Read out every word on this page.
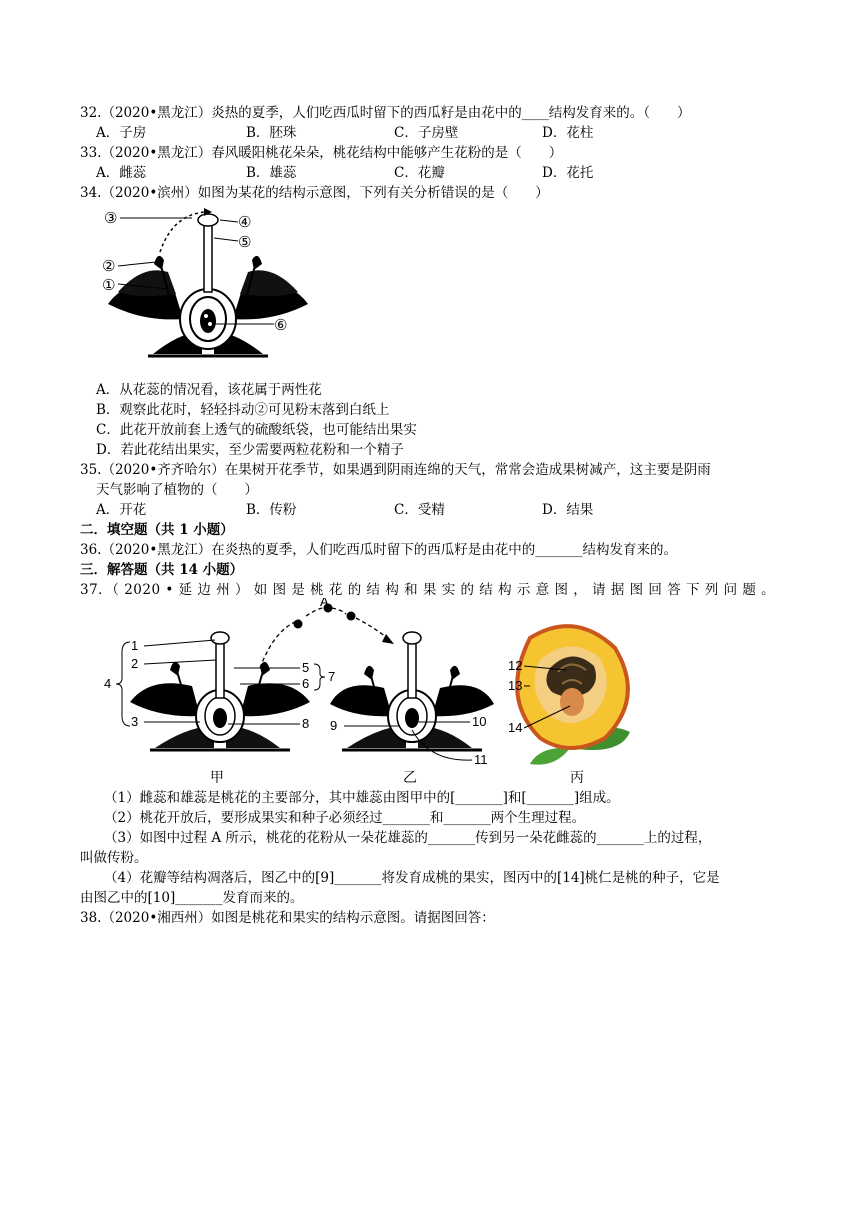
32.（2020•黑龙江）炎热的夏季，人们吃西瓜时留下的西瓜籽是由花中的____结构发育来的。（　　）
A．子房	B．胚珠	C．子房壁	D．花柱
33.（2020•黑龙江）春风暖阳桃花朵朵，桃花结构中能够产生花粉的是（　　）
A．雌蕊	B．雄蕊	C．花瓣	D．花托
34.（2020•滨州）如图为某花的结构示意图，下列有关分析错误的是（　　）
③	④
⑤
②
①
⑥
A．从花蕊的情况看，该花属于两性花
B．观察此花时，轻轻抖动②可见粉末落到白纸上
C．此花开放前套上透气的硫酸纸袋，也可能结出果实
D．若此花结出果实，至少需要两粒花粉和一个精子
35.（2020•齐齐哈尔）在果树开花季节，如果遇到阴雨连绵的天气，常常会造成果树减产，这主要是阴雨
天气影响了植物的（　　）
A．开花	B．传粉	C．受精	D．结果
二．填空题（共 1 小题）
36.（2020•黑龙江）在炎热的夏季，人们吃西瓜时留下的西瓜籽是由花中的_______结构发育来的。
三．解答题（共 14 小题）
37．（ 2020 • 延 边 州 ） 如 图 是 桃 花 的 结 构 和 果 实 的 结 构 示 意 图 ， 请 据 图 回 答 下 列 问 题 。
1
2
3
4
5
6 7
8 9	10
11
12
13
14
A
甲	乙	丙
（1）雌蕊和雄蕊是桃花的主要部分，其中雄蕊由图甲中的[_______]和[_______]组成。
（2）桃花开放后，要形成果实和种子必须经过_______和_______两个生理过程。
（3）如图中过程 A 所示，桃花的花粉从一朵花雄蕊的_______传到另一朵花雌蕊的_______上的过程，
叫做传粉。
（4）花瓣等结构凋落后，图乙中的[9]_______将发育成桃的果实，图丙中的[14]桃仁是桃的种子，它是
由图乙中的[10]_______发育而来的。
38.（2020•湘西州）如图是桃花和果实的结构示意图。请据图回答：
